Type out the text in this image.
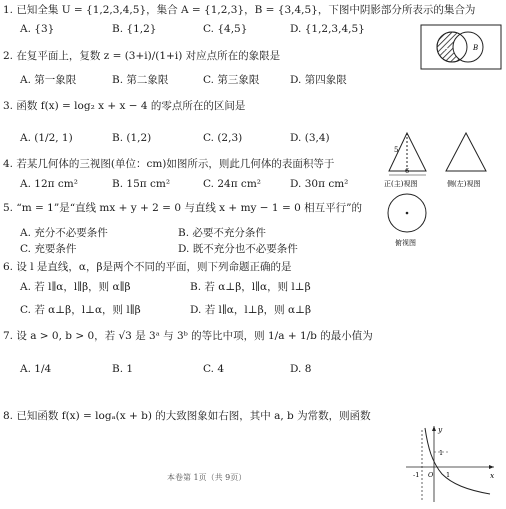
1. 已知全集 U = {1,2,3,4,5}，集合 A = {1,2,3}，B = {3,4,5}，下图中阴影部分所表示的集合为
A. {3}	B. {1,2}	C. {4,5}	D. {1,2,3,4,5}
A	B
2. 在复平面上，复数 z = (3+i)/(1+i) 对应点所在的象限是
A. 第一象限	B. 第二象限	C. 第三象限	D. 第四象限
3. 函数 f(x) = log₂ x + x − 4 的零点所在的区间是
A. (1/2, 1)	B. (1,2)	C. (2,3)	D. (3,4)
5
6
正(主)视图	侧(左)视图
俯视图
4. 若某几何体的三视图(单位：cm)如图所示，则此几何体的表面积等于
A. 12π cm²	B. 15π cm²	C. 24π cm²	D. 30π cm²
5. “m = 1”是“直线 mx + y + 2 = 0 与直线 x + my − 1 = 0 相互平行”的
A. 充分不必要条件	B. 必要不充分条件
C. 充要条件	D. 既不充分也不必要条件
6. 设 l 是直线，α，β是两个不同的平面，则下列命题正确的是
A. 若 l∥α，l∥β，则 α∥β	B. 若 α⊥β，l∥α，则 l⊥β
C. 若 α⊥β，l⊥α，则 l∥β	D. 若 l∥α，l⊥β，则 α⊥β
7. 设 a > 0, b > 0，若 √3 是 3ᵃ 与 3ᵇ 的等比中项，则 1/a + 1/b 的最小值为
A. 1/4	B. 1	C. 4	D. 8
8. 已知函数 f(x) = logₐ(x + b) 的大致图象如右图，其中 a, b 为常数，则函数
y
x
1
-1 O 1
本卷第 1页（共 9页）
